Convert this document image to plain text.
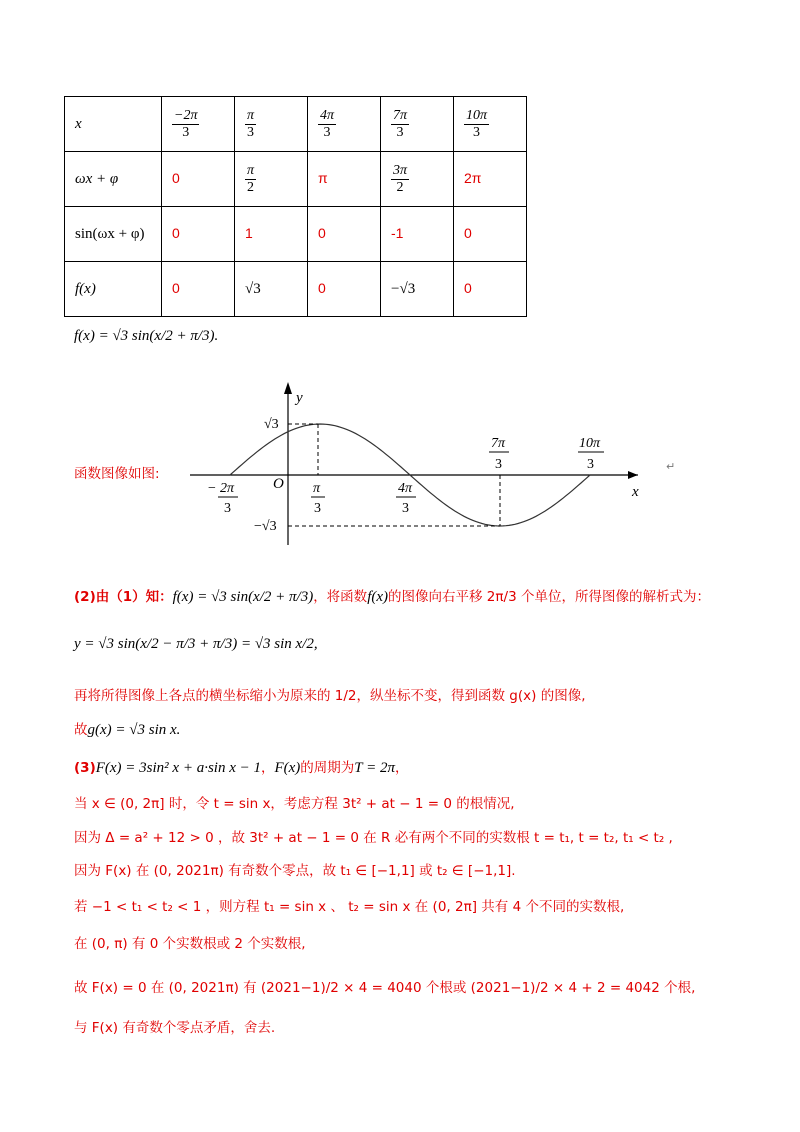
x	$\frac{-2\pi}{3}$	$\frac{\pi}{3}$	$\frac{4\pi}{3}$	$\frac{7\pi}{3}$	$\frac{10\pi}{3}$

ωx + φ	0	$\frac{\pi}{2}$	π	$\frac{3\pi}{2}$	2π
sin(ωx + φ)	0	1	0	-1	0
f(x)	0	√3	0	−√3	0
f(x) = √3 sin(x/2 + π/3).
函数图像如图:
y
x
O
√3
−√3
− 2π
3
π
3
4π
3
7π
3
10π
3	↵
(2)由（1）知：f(x) = √3 sin(x/2 + π/3)，将函数f(x)的图像向右平移 2π/3 个单位，所得图像的解析式为：
y = √3 sin(x/2 − π/3 + π/3) = √3 sin x/2,
再将所得图像上各点的横坐标缩小为原来的 1/2，纵坐标不变，得到函数 g(x) 的图像,
故g(x) = √3 sin x.
(3)F(x) = 3sin² x + a·sin x − 1，F(x)的周期为T = 2π，
当 x ∈ (0, 2π] 时，令 t = sin x，考虑方程 3t² + at − 1 = 0 的根情况,
因为 Δ = a² + 12 > 0 ，故 3t² + at − 1 = 0 在 R 必有两个不同的实数根 t = t₁, t = t₂, t₁ < t₂ ,
因为 F(x) 在 (0, 2021π) 有奇数个零点，故 t₁ ∈ [−1,1] 或 t₂ ∈ [−1,1].
若 −1 < t₁ < t₂ < 1 ，则方程 t₁ = sin x 、 t₂ = sin x 在 (0, 2π] 共有 4 个不同的实数根,
在 (0, π) 有 0 个实数根或 2 个实数根,
故 F(x) = 0 在 (0, 2021π) 有 (2021−1)/2 × 4 = 4040 个根或 (2021−1)/2 × 4 + 2 = 4042 个根,
与 F(x) 有奇数个零点矛盾，舍去.
